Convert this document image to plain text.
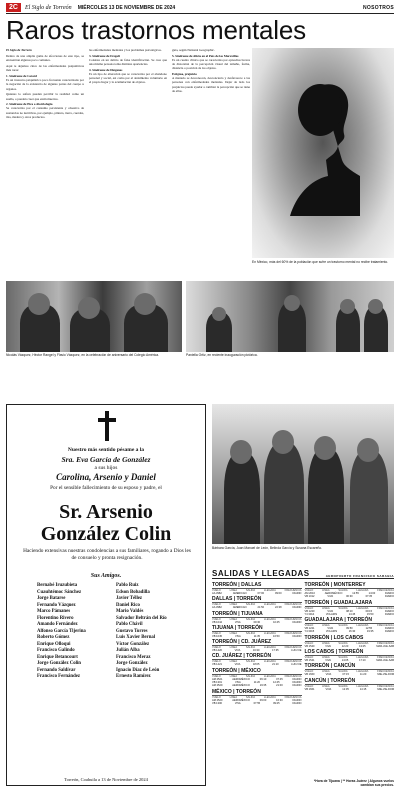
2C	El Siglo de Torreón MIÉRCOLES 13 DE NOVIEMBRE DE 2024	NOSOTROS
Raros trastornos mentales
El Siglo de Torreón

Dentro de una amplia gama de afecciones de este tipo, se encuentran algunos poco comunes.

Aquí te dejamos cinco de las enfermedades psiquiátricas más raras:

1. Síndrome de Cotard

Es un trastorno psiquiátrico poco frecuente caracterizado por la negación de la existencia de algunas partes del cuerpo u órganos.

Quienes lo sufren pueden percibir la realidad como un sueño, o pueden creer que están muertos.

2. Síndrome de Pica o Alotriofagia

Se caracteriza por el consumo persistente y obsesivo de sustancias no nutritivas, por ejemplo, pintura, tierra, cuerdas, tiza, madera y otros productos.

las enfermedades mentales y los problemas psicológicos.

3. Síndrome de Fregoli

Consiste en un delirio de falsa identificación. Se cree que una misma persona toma distintas apariencias.

4. Síndrome de Diógenes

Es un tipo de alteración que se caracteriza por el abandono personal y social, así como por el aislamiento voluntario en el propio hogar y la acumulación de objetos.

guía, según National Geographic.

5. Síndrome de Alicia en el País de las Maravillas

Es un cuadro clínico que se caracteriza por episodios breves de distorsión de la percepción visual del tamaño, forma, distancia o posición de los objetos.

Estigma, prejuicio

A menudo se desconocen, desconcierta y desfavorece a las personas con enfermedades mentales. Dejar de lado los prejuicios puede ayudar a cambiar la percepción que se tiene de ellas.

En México, más del 60% de la población que sufre un trastorno mental no recibe tratamiento.
Nicolás Vázquez, Héctor Rangel y Flavio Vázquez, en la celebración de aniversario del Colegio América.	Paniella Ortiz, en reciente inauguración pictórica.
Nuestro más sentido pésame a la
Sra. Eva García de González
a sus hijos
Carolina, Arsenio y Daniel
Por el sensible fallecimiento de su esposo y padre, el
Sr. Arsenio
González Colin
Haciendo extensivas nuestras condolencias a sus familiares, rogando a Dios les de consuelo y pronta resignación.
Sus Amigos.
Bernabé Iruzubieta
Cuauhtémoc Sánchez
Jorge Batarse
Fernando Vázquez
Marco Pámanes
Florentino Rivero
Amando Fernández
Alfonso García Tijerina
Roberto Gómez
Enrique Olloqui
Francisco Galindo
Enrique Betancourt
Jorge González Colin
Fernando Saldívar
Francisco Fernández
Pablo Ruiz
Edson Bobadilla
Javier Téllez
Daniel Rico
Mario Valdés
Salvador Beltrán del Río
Pablo Chávil
Gustavo Torres
Luis Xavier Bernal
Víctor González
Julián Alba
Francisco Meraz
Jorge González
Ignacio Díaz de León
Ernesto Ramírez
Torreón, Coahuila a 13 de Noviembre de 2024
Bárbara García, Juan Manuel de León, Belinda García y Susana Escareño.
SALIDAS Y LLEGADAS	AEROPUERTO FRANCISCO SARABIA
TORREÓN | DALLAS
VUELO	LÍNEA	SALIDA	LLEGADA	FRECUENCIA
AA 3982	AMERICAN	07:00	09:00	DIARIO
DALLAS | TORREÓN
VUELO	LÍNEA	SALIDA	LLEGADA	FRECUENCIA
AA 3982	AMERICAN	21:50	22:38	DIARIO
TORREÓN | TIJUANA
VUELO	LÍNEA	SALIDA	LLEGADA	FRECUENCIA
VB 1044	VIVA	09:30	10:45	DIARIO
TIJUANA | TORREÓN
VUELO	LÍNEA	SALIDA	LLEGADA	FRECUENCIA
VB 1045	VIVA	11:35	16:50	DIARIO
TORREÓN | CD. JUÁREZ
VUELO	LÍNEA	SALIDA	LLEGADA	FRECUENCIA
VB 1420	VIVA	16:30	17:35	LUN-VIE
CD. JUÁREZ | TORREÓN
VUELO	LÍNEA	SALIDA	LLEGADA	FRECUENCIA
VB 1421	VIVA	18:05	21:10	LUN-VIE
TORREÓN | MÉXICO
VUELO	LÍNEA	SALIDA	LLEGADA	FRECUENCIA
AM 2521	AEROMÉXICO	06:10	07:45	DIARIO
VB 1301	VIVA	11:20	12:45	DIARIO
AM 2529	AEROMÉXICO	19:35	21:00	DIARIO
MÉXICO | TORREÓN
VUELO	LÍNEA	SALIDA	LLEGADA	FRECUENCIA
AM 2520	AEROMÉXICO	09:00	10:30	DIARIO
VB 1300	VIVA	07:55	09:25	DIARIO
TORREÓN | MONTERREY
VUELO	LÍNEA	SALIDA	LLEGADA	FRECUENCIA
AM 2010	AEROMÉXICO	12:55	14:00	DIARIO
VB 1012	VIVA	06:30	07:35	DIARIO
TORREÓN | GUADALAJARA
VUELO	LÍNEA	SALIDA	LLEGADA	FRECUENCIA
VB 1220	VIVA	08:10	09:15	DIARIO
Y4 3014	VOLARIS	14:45	15:50	DIARIO
GUADALAJARA | TORREÓN
VUELO	LÍNEA	SALIDA	LLEGADA	FRECUENCIA
VB 1221	VIVA	09:50	12:55	DIARIO
Y4 3015	VOLARIS	16:30	19:35	DIARIO
TORREÓN | LOS CABOS
VUELO	LÍNEA	SALIDA	LLEGADA	FRECUENCIA
VB 1540	VIVA	12:20	13:25	MAR-JUE-SAB
LOS CABOS | TORREÓN
VUELO	LÍNEA	SALIDA	LLEGADA	FRECUENCIA
VB 1541	VIVA	14:05	17:10	MAR-JUE-SAB
TORREÓN | CANCÚN
VUELO	LÍNEA	SALIDA	LLEGADA	FRECUENCIA
VB 1660	VIVA	07:15	11:20	MIE-VIE-DOM
CANCÚN | TORREÓN
VUELO	LÍNEA	SALIDA	LLEGADA	FRECUENCIA
VB 1661	VIVA	12:05	14:15	MIE-VIE-DOM
*Hora de Tijuana | ** Horas Juárez | Algunos vuelos cambian sus precios.
